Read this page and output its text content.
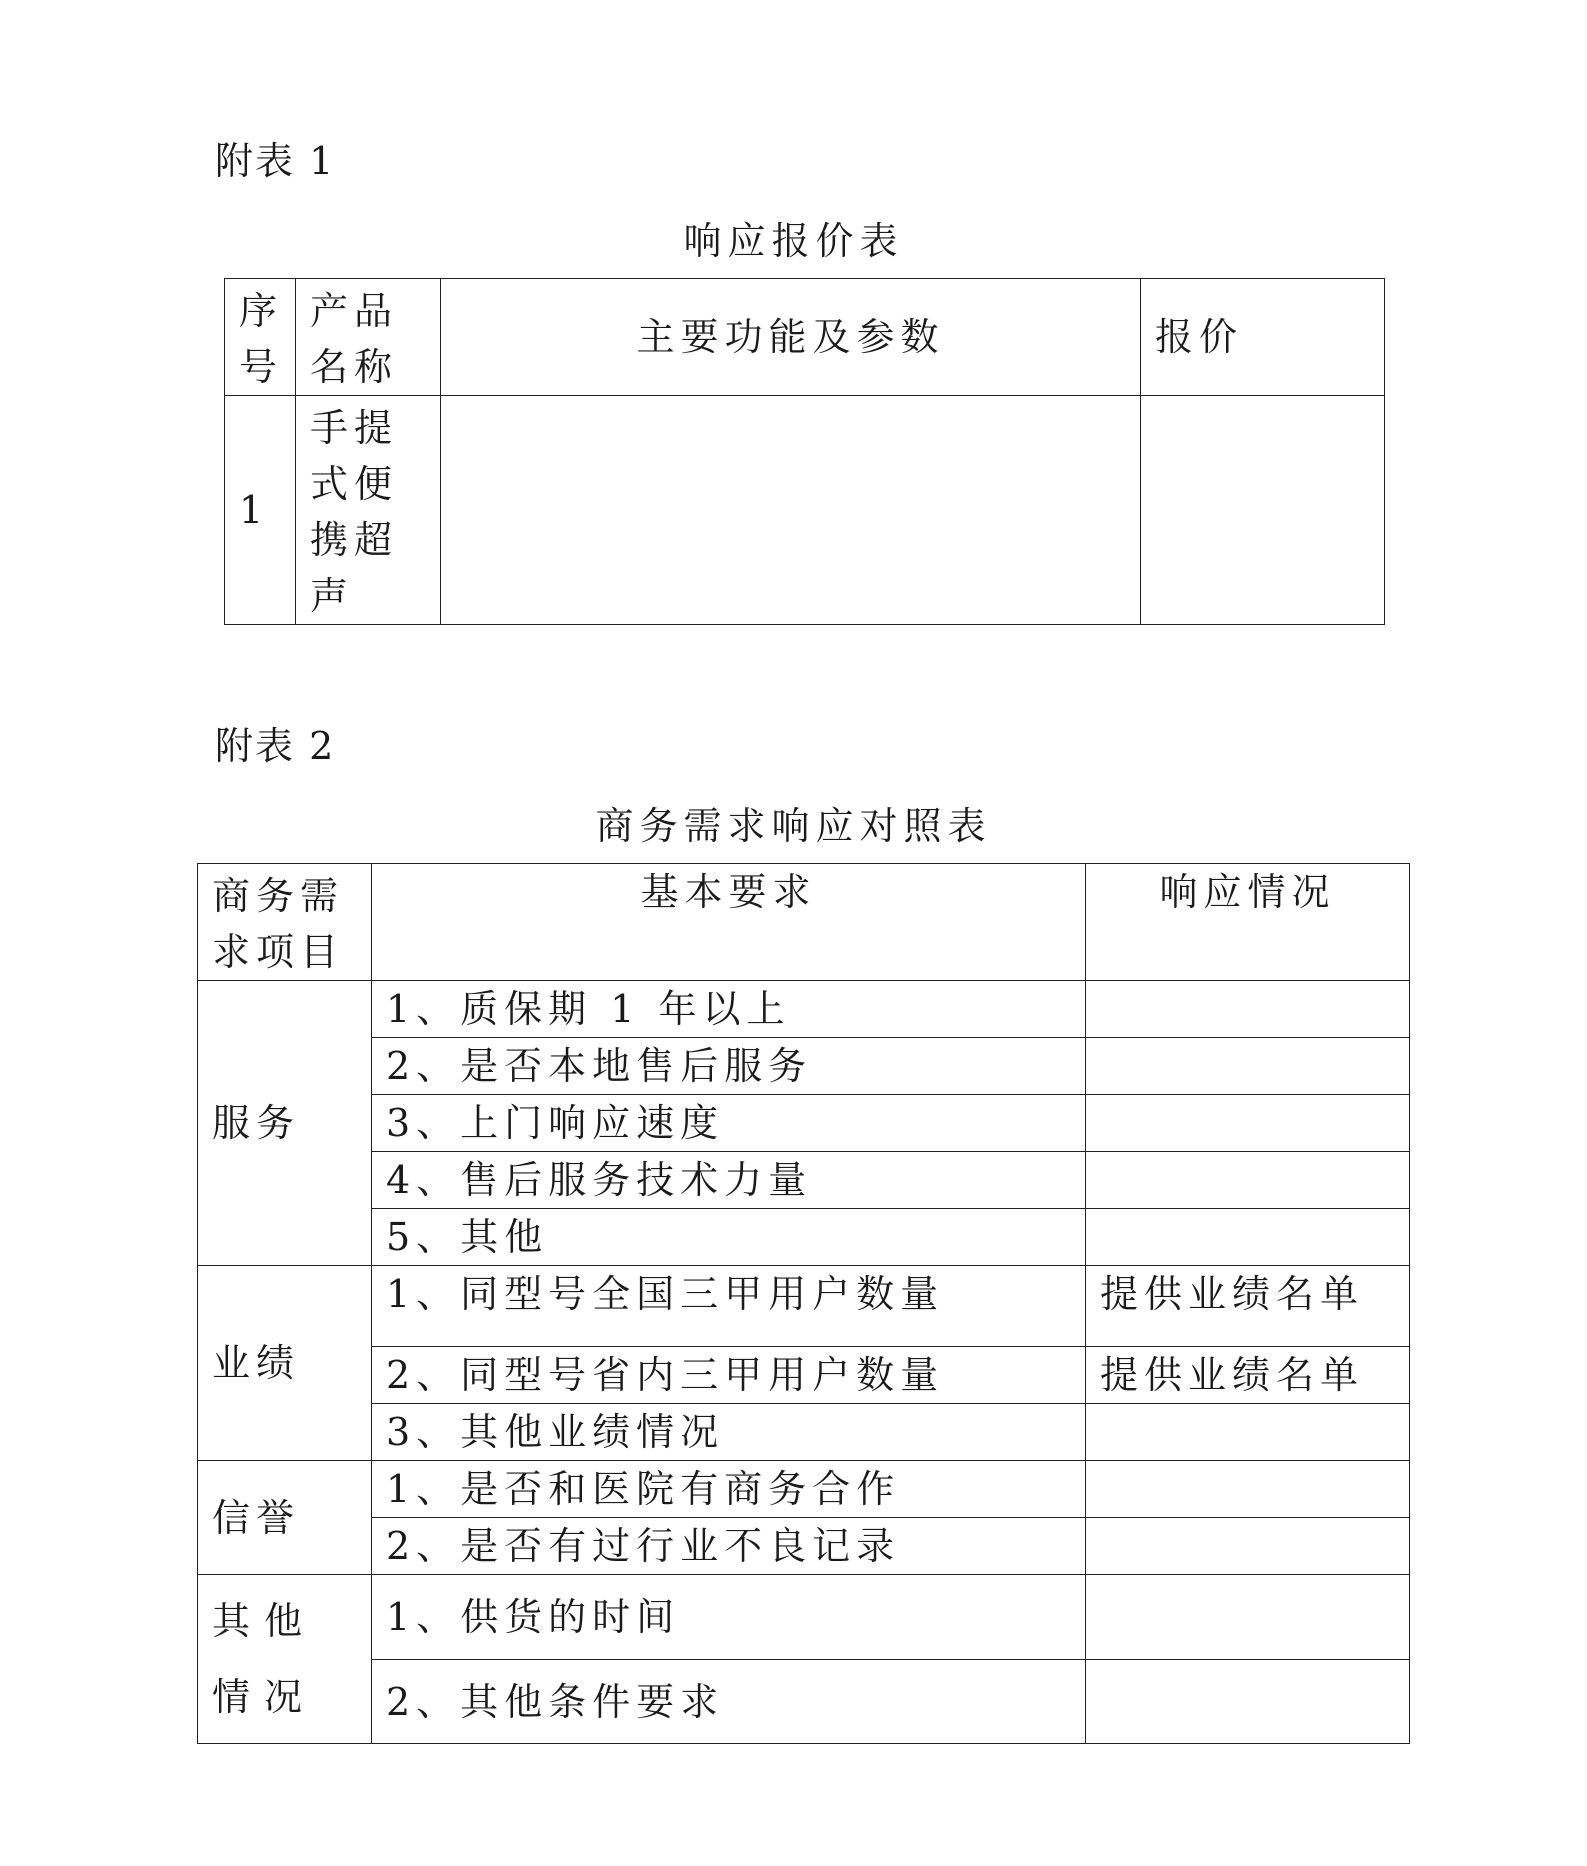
附表 1
响应报价表
序号	产品名称	主要功能及参数	报价
1	手提式便携超声		
附表 2
商务需求响应对照表
商务需求项目	基本要求	响应情况
服务	1、质保期 1 年以上	
	2、是否本地售后服务	
	3、上门响应速度	
	4、售后服务技术力量	
	5、其他	
业绩	1、同型号全国三甲用户数量	提供业绩名单
	2、同型号省内三甲用户数量	提供业绩名单
	3、其他业绩情况	
信誉	1、是否和医院有商务合作	
	2、是否有过行业不良记录	
其他情况	1、供货的时间	
	2、其他条件要求	
